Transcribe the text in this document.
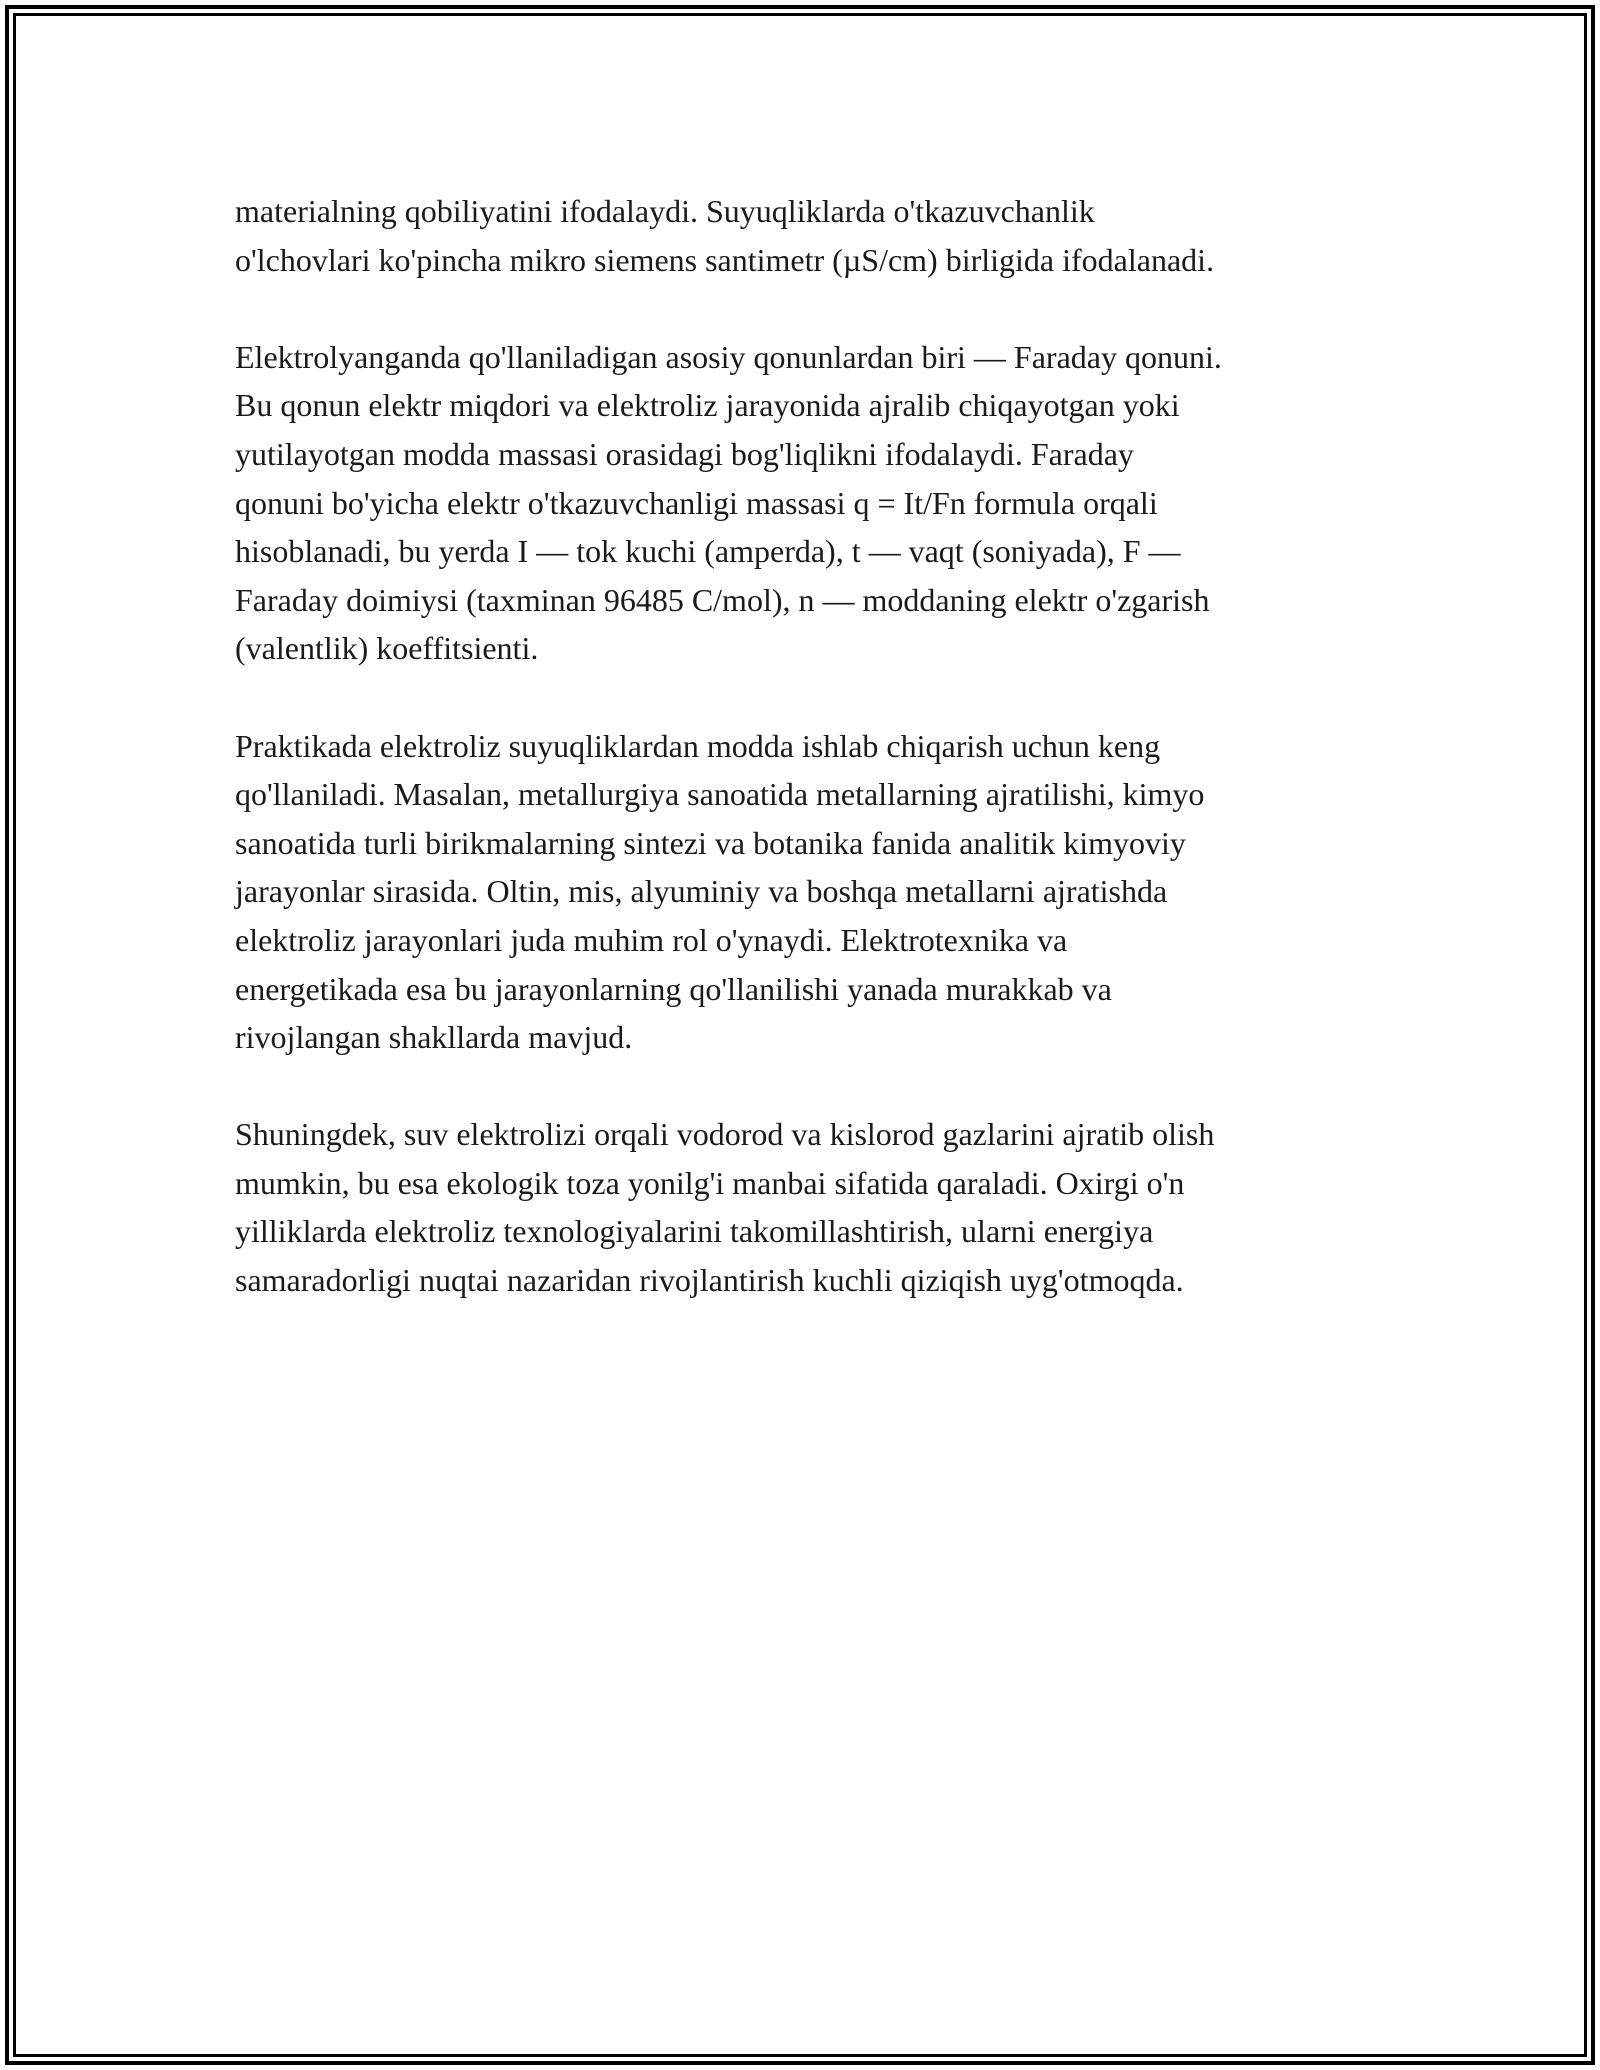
materialning qobiliyatini ifodalaydi. Suyuqliklarda o'tkazuvchanlik
o'lchovlari ko'pincha mikro siemens santimetr (µS/cm) birligida ifodalanadi.

Elektrolyanganda qo'llaniladigan asosiy qonunlardan biri — Faraday qonuni.
Bu qonun elektr miqdori va elektroliz jarayonida ajralib chiqayotgan yoki
yutilayotgan modda massasi orasidagi bog'liqlikni ifodalaydi. Faraday
qonuni bo'yicha elektr o'tkazuvchanligi massasi q = It/Fn formula orqali
hisoblanadi, bu yerda I — tok kuchi (amperda), t — vaqt (soniyada), F —
Faraday doimiysi (taxminan 96485 C/mol), n — moddaning elektr o'zgarish
(valentlik) koeffitsienti.

Praktikada elektroliz suyuqliklardan modda ishlab chiqarish uchun keng
qo'llaniladi. Masalan, metallurgiya sanoatida metallarning ajratilishi, kimyo
sanoatida turli birikmalarning sintezi va botanika fanida analitik kimyoviy
jarayonlar sirasida. Oltin, mis, alyuminiy va boshqa metallarni ajratishda
elektroliz jarayonlari juda muhim rol o'ynaydi. Elektrotexnika va
energetikada esa bu jarayonlarning qo'llanilishi yanada murakkab va
rivojlangan shakllarda mavjud.

Shuningdek, suv elektrolizi orqali vodorod va kislorod gazlarini ajratib olish
mumkin, bu esa ekologik toza yonilg'i manbai sifatida qaraladi. Oxirgi o'n
yilliklarda elektroliz texnologiyalarini takomillashtirish, ularni energiya
samaradorligi nuqtai nazaridan rivojlantirish kuchli qiziqish uyg'otmoqda.
